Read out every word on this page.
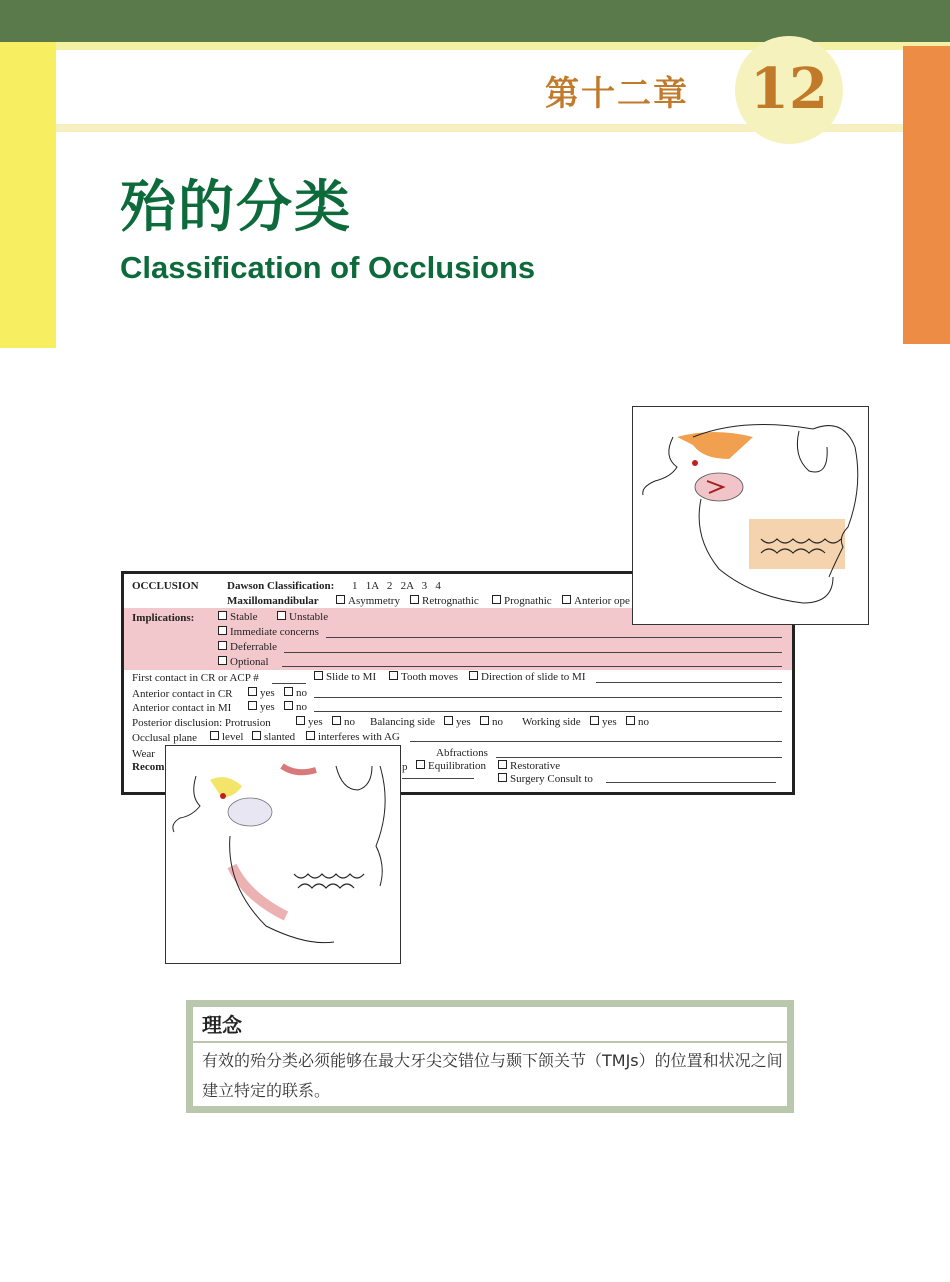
12
第十二章
殆的分类
Classification of Occlusions
OCCLUSION	Dawson Classification: 1   1A   2   2A   3   4
Maxillomandibular	Asymmetry	Retrognathic	Prognathic	Anterior ope
Implications:	Stable	Unstable
Immediate concerns
Deferrable
Optional
First contact in CR or ACP #	Slide to MI	Tooth moves	Direction of slide to MI
Anterior contact in CR	yes	no
Anterior contact in MI	yes	no
Posterior disclusion: Protrusion	yes	no Balancing side	yes	no Working side	yes	no
Occlusal plane	level	slanted	interferes with AG
Wear
Recom
Abfractions
p	Equilibration	Restorative
Surgery Consult to
理念
有效的殆分类必须能够在最大牙尖交错位与颞下颌关节（TMJs）的位置和状况之间建立特定的联系。
